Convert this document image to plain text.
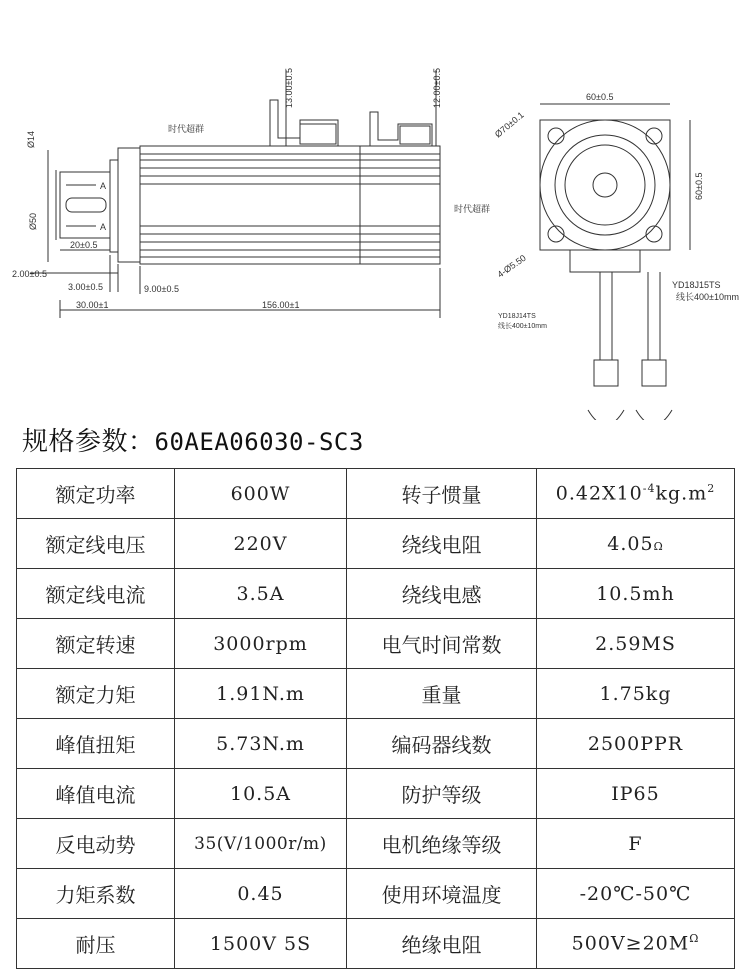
Ø14
Ø50
20±0.5
2.00±0.5
3.00±0.5	9.00±0.5
30.00±1	156.00±1
13.00±0.5	12.00±0.5
A
A
时代超群
时代超群
60±0.5
60±0.5
Ø70±0.1
4-Ø5.50
YD18J15TS
线长400±10mm
YD18J14TS
线长400±10mm
规格参数：60AEA06030-SC3
额定功率	600W	转子惯量	$0.42X10^{-4}kg.m^2$
额定线电压	220V	绕线电阻	4.05Ω
额定线电流	3.5A	绕线电感	10.5mh
额定转速	3000rpm	电气时间常数	2.59MS
额定力矩	1.91N.m	重量	1.75kg
峰值扭矩	5.73N.m	编码器线数	2500PPR
峰值电流	10.5A	防护等级	IP65
反电动势	35(V/1000r/m)	电机绝缘等级	F
力矩系数	0.45	使用环境温度	-20℃-50℃
耐压	1500V 5S	绝缘电阻	$500V\ge 20M^\Omega$
